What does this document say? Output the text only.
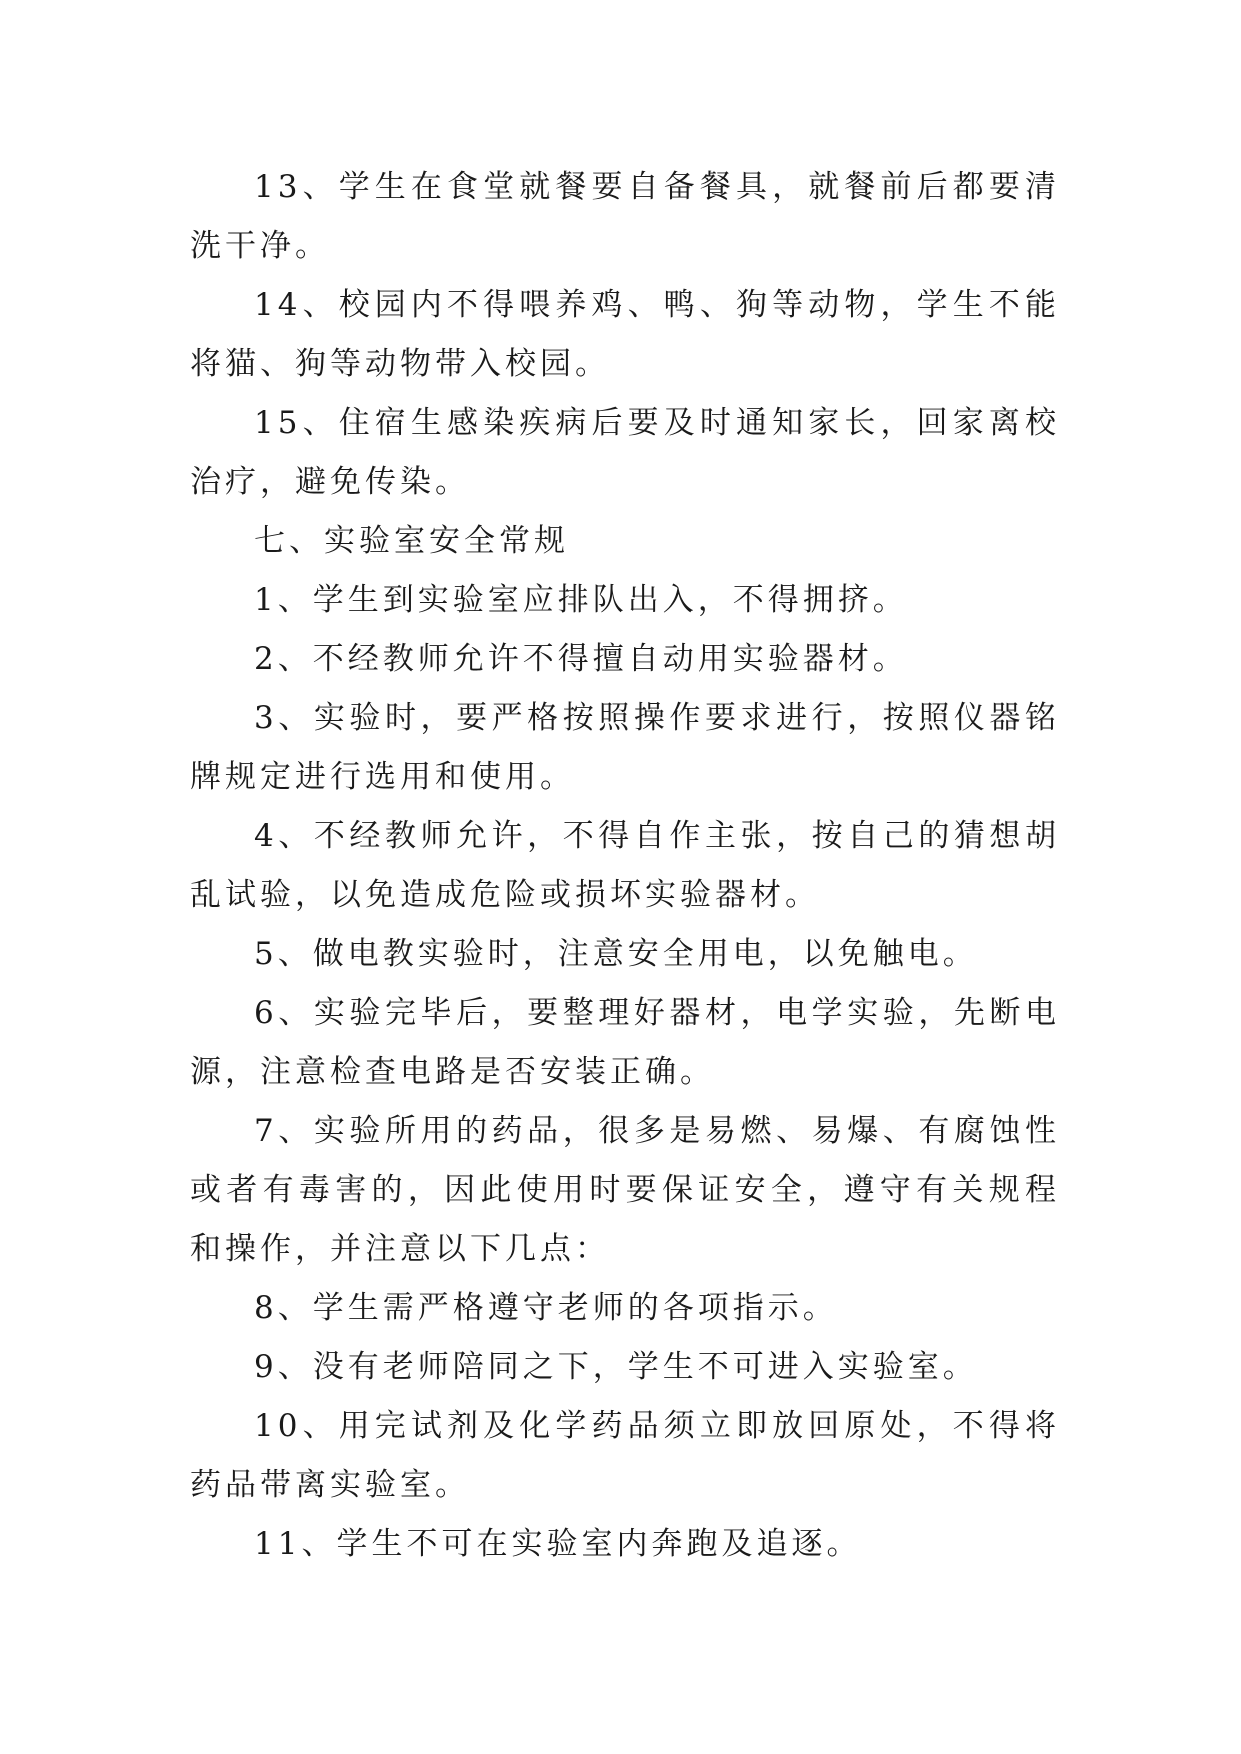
13、学生在食堂就餐要自备餐具，就餐前后都要清洗干净。

14、校园内不得喂养鸡、鸭、狗等动物，学生不能将猫、狗等动物带入校园。

15、住宿生感染疾病后要及时通知家长，回家离校治疗，避免传染。

七、实验室安全常规

1、学生到实验室应排队出入，不得拥挤。

2、不经教师允许不得擅自动用实验器材。

3、实验时，要严格按照操作要求进行，按照仪器铭牌规定进行选用和使用。

4、不经教师允许，不得自作主张，按自己的猜想胡乱试验，以免造成危险或损坏实验器材。

5、做电教实验时，注意安全用电，以免触电。

6、实验完毕后，要整理好器材，电学实验，先断电源，注意检查电路是否安装正确。

7、实验所用的药品，很多是易燃、易爆、有腐蚀性或者有毒害的，因此使用时要保证安全，遵守有关规程和操作，并注意以下几点：

8、学生需严格遵守老师的各项指示。

9、没有老师陪同之下，学生不可进入实验室。

10、用完试剂及化学药品须立即放回原处，不得将药品带离实验室。

11、学生不可在实验室内奔跑及追逐。
